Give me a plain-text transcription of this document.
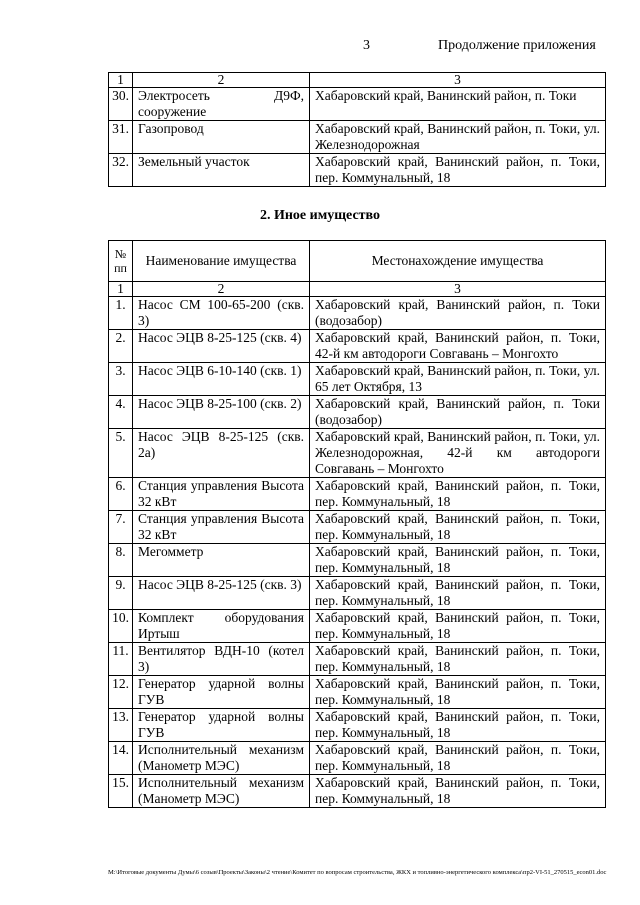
3	Продолжение приложения
1	2	3
30.	Электросеть Д9Ф, сооружение	Хабаровский край, Ванинский район, п. Токи
31.	Газопровод	Хабаровский край, Ванинский район, п. Токи, ул. Железнодорожная
32.	Земельный участок	Хабаровский край, Ванинский район, п. Токи, пер. Коммунальный, 18
2. Иное имущество
№ пп	Наименование имущества	Местонахождение имущества
1	2	3
1.	Насос СМ 100-65-200 (скв. 3)	Хабаровский край, Ванинский район, п. Токи (водозабор)
2.	Насос ЭЦВ 8-25-125 (скв. 4)	Хабаровский край, Ванинский район, п. Токи, 42-й км автодороги Совгавань – Монгохто
3.	Насос ЭЦВ 6-10-140 (скв. 1)	Хабаровский край, Ванинский район, п. Токи, ул. 65 лет Октября, 13
4.	Насос ЭЦВ 8-25-100 (скв. 2)	Хабаровский край, Ванинский район, п. Токи (водозабор)
5.	Насос ЭЦВ 8-25-125 (скв. 2а)	Хабаровский край, Ванинский район, п. Токи, ул. Железнодорожная, 42-й км автодороги Совгавань – Монгохто
6.	Станция управления Высота 32 кВт	Хабаровский край, Ванинский район, п. Токи, пер. Коммунальный, 18
7.	Станция управления Высота 32 кВт	Хабаровский край, Ванинский район, п. Токи, пер. Коммунальный, 18
8.	Мегомметр	Хабаровский край, Ванинский район, п. Токи, пер. Коммунальный, 18
9.	Насос ЭЦВ 8-25-125 (скв. 3)	Хабаровский край, Ванинский район, п. Токи, пер. Коммунальный, 18
10.	Комплект оборудования Иртыш	Хабаровский край, Ванинский район, п. Токи, пер. Коммунальный, 18
11.	Вентилятор ВДН-10 (котел 3)	Хабаровский край, Ванинский район, п. Токи, пер. Коммунальный, 18
12.	Генератор ударной волны ГУВ	Хабаровский край, Ванинский район, п. Токи, пер. Коммунальный, 18
13.	Генератор ударной волны ГУВ	Хабаровский край, Ванинский район, п. Токи, пер. Коммунальный, 18
14.	Исполнительный механизм (Манометр МЭС)	Хабаровский край, Ванинский район, п. Токи, пер. Коммунальный, 18
15.	Исполнительный механизм (Манометр МЭС)	Хабаровский край, Ванинский район, п. Токи, пер. Коммунальный, 18
M:\Итоговые документы Думы\6 созыв\Проекты\Законы\2 чтение\Комитет по вопросам строительства, ЖКХ и топливно-энергетического комплекса\пр2-VI-51_270515_econ01.doc
